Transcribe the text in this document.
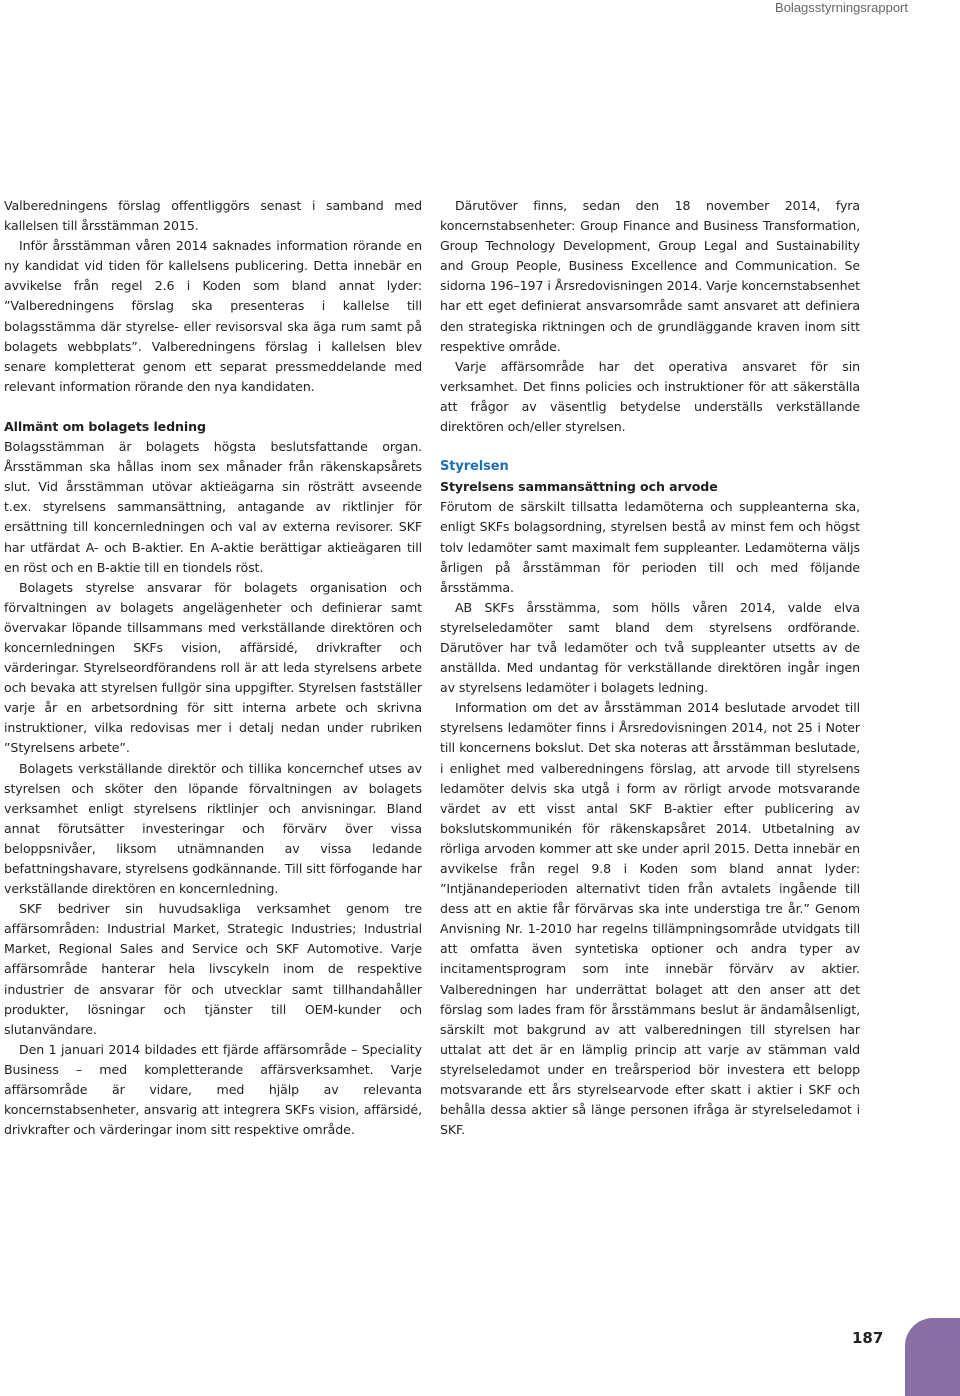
Bolagsstyrningsrapport

Valberedningens förslag offentliggörs senast i samband med kallelsen till årsstämman 2015.

Inför årsstämman våren 2014 saknades information rörande en ny kandidat vid tiden för kallelsens publicering. Detta innebär en avvikelse från regel 2.6 i Koden som bland annat lyder: ”Valberedningens förslag ska presenteras i kallelse till bolagsstämma där styrelse- eller revisorsval ska äga rum samt på bolagets webbplats”. Valberedningens förslag i kallelsen blev senare kompletterat genom ett separat pressmeddelande med relevant information rörande den nya kandidaten.

Allmänt om bolagets ledning

Bolagsstämman är bolagets högsta beslutsfattande organ. Årsstämman ska hållas inom sex månader från räkenskapsårets slut. Vid årsstämman utövar aktieägarna sin rösträtt avseende t.ex. styrelsens sammansättning, antagande av riktlinjer för ersättning till koncernledningen och val av externa revisorer. SKF har utfärdat A- och B-aktier. En A-aktie berättigar aktieägaren till en röst och en B-aktie till en tiondels röst.

Bolagets styrelse ansvarar för bolagets organisation och förvaltningen av bolagets angelägenheter och definierar samt övervakar löpande tillsammans med verkställande direktören och koncernledningen SKFs vision, affärsidé, drivkrafter och värderingar. Styrelseordförandens roll är att leda styrelsens arbete och bevaka att styrelsen fullgör sina uppgifter. Styrelsen fastställer varje år en arbetsordning för sitt interna arbete och skrivna instruktioner, vilka redovisas mer i detalj nedan under rubriken ”Styrelsens arbete”.

Bolagets verkställande direktör och tillika koncernchef utses av styrelsen och sköter den löpande förvaltningen av bolagets verksamhet enligt styrelsens riktlinjer och anvisningar. Bland annat förutsätter investeringar och förvärv över vissa beloppsnivåer, liksom utnämnanden av vissa ledande befattningshavare, styrelsens godkännande. Till sitt förfogande har verkställande direktören en koncernledning.

SKF bedriver sin huvudsakliga verksamhet genom tre affärsområden: Industrial Market, Strategic Industries; Industrial Market, Regional Sales and Service och SKF Automotive. Varje affärsområde hanterar hela livscykeln inom de respektive industrier de ansvarar för och utvecklar samt tillhandahåller produkter, lösningar och tjänster till OEM-kunder och slutanvändare.

Den 1 januari 2014 bildades ett fjärde affärsområde – Speciality Business – med kompletterande affärsverksamhet. Varje affärsområde är vidare, med hjälp av relevanta koncernstabsenheter, ansvarig att integrera SKFs vision, affärsidé, drivkrafter och värderingar inom sitt respektive område.

Därutöver finns, sedan den 18 november 2014, fyra koncernstabsenheter: Group Finance and Business Transformation, Group Technology Development, Group Legal and Sustainability and Group People, Business Excellence and Communication. Se sidorna 196–197 i Årsredovisningen 2014. Varje koncernstabsenhet har ett eget definierat ansvarsområde samt ansvaret att definiera den strategiska riktningen och de grundläggande kraven inom sitt respektive område.

Varje affärsområde har det operativa ansvaret för sin verksamhet. Det finns policies och instruktioner för att säkerställa att frågor av väsentlig betydelse underställs verkställande direktören och/eller styrelsen.

Styrelsen
Styrelsens sammansättning och arvode

Förutom de särskilt tillsatta ledamöterna och suppleanterna ska, enligt SKFs bolagsordning, styrelsen bestå av minst fem och högst tolv ledamöter samt maximalt fem suppleanter. Ledamöterna väljs årligen på årsstämman för perioden till och med följande årsstämma.

AB SKFs årsstämma, som hölls våren 2014, valde elva styrelseledamöter samt bland dem styrelsens ordförande. Därutöver har två ledamöter och två suppleanter utsetts av de anställda. Med undantag för verkställande direktören ingår ingen av styrelsens ledamöter i bolagets ledning.

Information om det av årsstämman 2014 beslutade arvodet till styrelsens ledamöter finns i Årsredovisningen 2014, not 25 i Noter till koncernens bokslut. Det ska noteras att årsstämman beslutade, i enlighet med valberedningens förslag, att arvode till styrelsens ledamöter delvis ska utgå i form av rörligt arvode motsvarande värdet av ett visst antal SKF B-aktier efter publicering av bokslutskommunikén för räkenskapsåret 2014. Utbetalning av rörliga arvoden kommer att ske under april 2015. Detta innebär en avvikelse från regel 9.8 i Koden som bland annat lyder: ”Intjänandeperioden alternativt tiden från avtalets ingående till dess att en aktie får förvärvas ska inte understiga tre år.” Genom Anvisning Nr. 1-2010 har regelns tillämpningsområde utvidgats till att omfatta även syntetiska optioner och andra typer av incitamentsprogram som inte innebär förvärv av aktier. Valberedningen har underrättat bolaget att den anser att det förslag som lades fram för årsstämmans beslut är ändamålsenligt, särskilt mot bakgrund av att valberedningen till styrelsen har uttalat att det är en lämplig princip att varje av stämman vald styrelseledamot under en treårsperiod bör investera ett belopp motsvarande ett års styrelsearvode efter skatt i aktier i SKF och behålla dessa aktier så länge personen ifråga är styrelseledamot i SKF.

187
